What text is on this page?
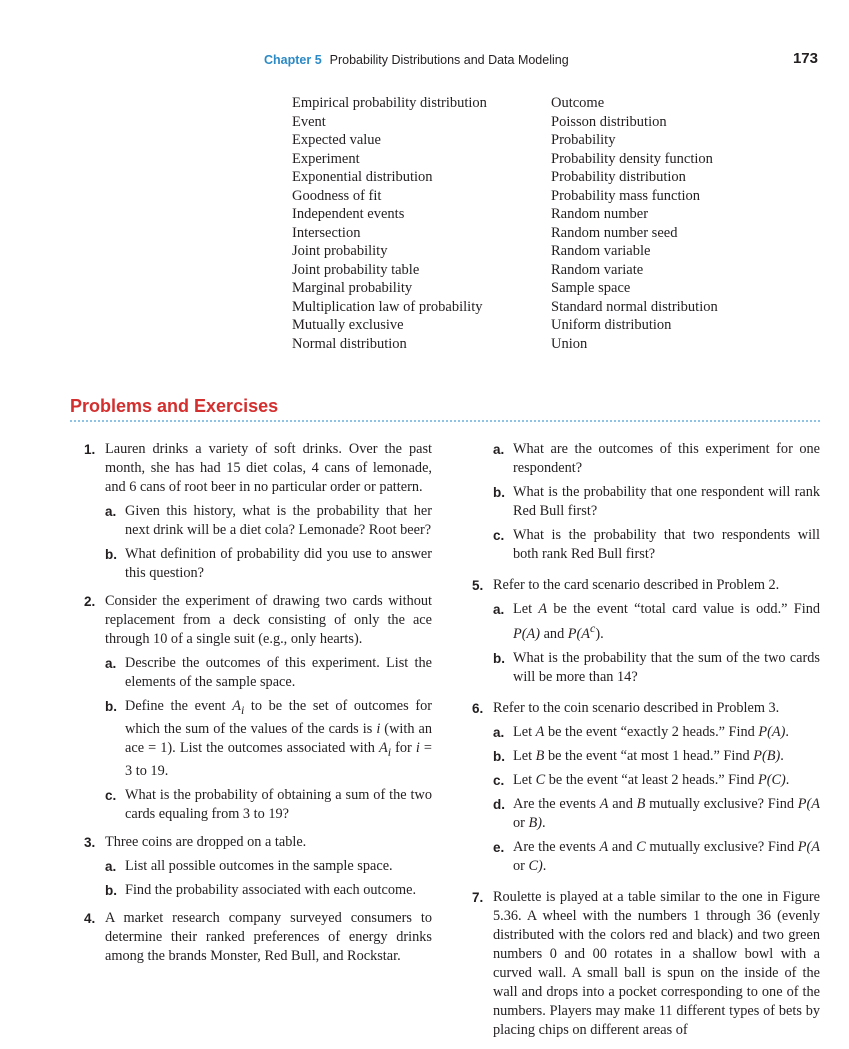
Chapter 5 Probability Distributions and Data Modeling	173
Empirical probability distribution
Event
Expected value
Experiment
Exponential distribution
Goodness of fit
Independent events
Intersection
Joint probability
Joint probability table
Marginal probability
Multiplication law of probability
Mutually exclusive
Normal distribution
Outcome
Poisson distribution
Probability
Probability density function
Probability distribution
Probability mass function
Random number
Random number seed
Random variable
Random variate
Sample space
Standard normal distribution
Uniform distribution
Union
Problems and Exercises
1. Lauren drinks a variety of soft drinks. Over the past month, she has had 15 diet colas, 4 cans of lemonade, and 6 cans of root beer in no particular order or pattern.
a. Given this history, what is the probability that her next drink will be a diet cola? Lemonade? Root beer?
b. What definition of probability did you use to answer this question?
2. Consider the experiment of drawing two cards without replacement from a deck consisting of only the ace through 10 of a single suit (e.g., only hearts).
a. Describe the outcomes of this experiment. List the elements of the sample space.
b. Define the event $A_i$ to be the set of outcomes for which the sum of the values of the cards is i (with an ace = 1). List the outcomes associated with $A_i$ for i = 3 to 19.
c. What is the probability of obtaining a sum of the two cards equaling from 3 to 19?
3. Three coins are dropped on a table.
a. List all possible outcomes in the sample space.
b. Find the probability associated with each outcome.
4. A market research company surveyed consumers to determine their ranked preferences of energy drinks among the brands Monster, Red Bull, and Rockstar.
a. What are the outcomes of this experiment for one respondent?
b. What is the probability that one respondent will rank Red Bull first?
c. What is the probability that two respondents will both rank Red Bull first?
5. Refer to the card scenario described in Problem 2.
a. Let A be the event “total card value is odd.” Find P(A) and $P(A^c)$.
b. What is the probability that the sum of the two cards will be more than 14?
6. Refer to the coin scenario described in Problem 3.
a. Let A be the event “exactly 2 heads.” Find P(A).
b. Let B be the event “at most 1 head.” Find P(B).
c. Let C be the event “at least 2 heads.” Find P(C).
d. Are the events A and B mutually exclusive? Find P(A or B).
e. Are the events A and C mutually exclusive? Find P(A or C).
7. Roulette is played at a table similar to the one in Figure 5.36. A wheel with the numbers 1 through 36 (evenly distributed with the colors red and black) and two green numbers 0 and 00 rotates in a shallow bowl with a curved wall. A small ball is spun on the inside of the wall and drops into a pocket corresponding to one of the numbers. Players may make 11 different types of bets by placing chips on different areas of
